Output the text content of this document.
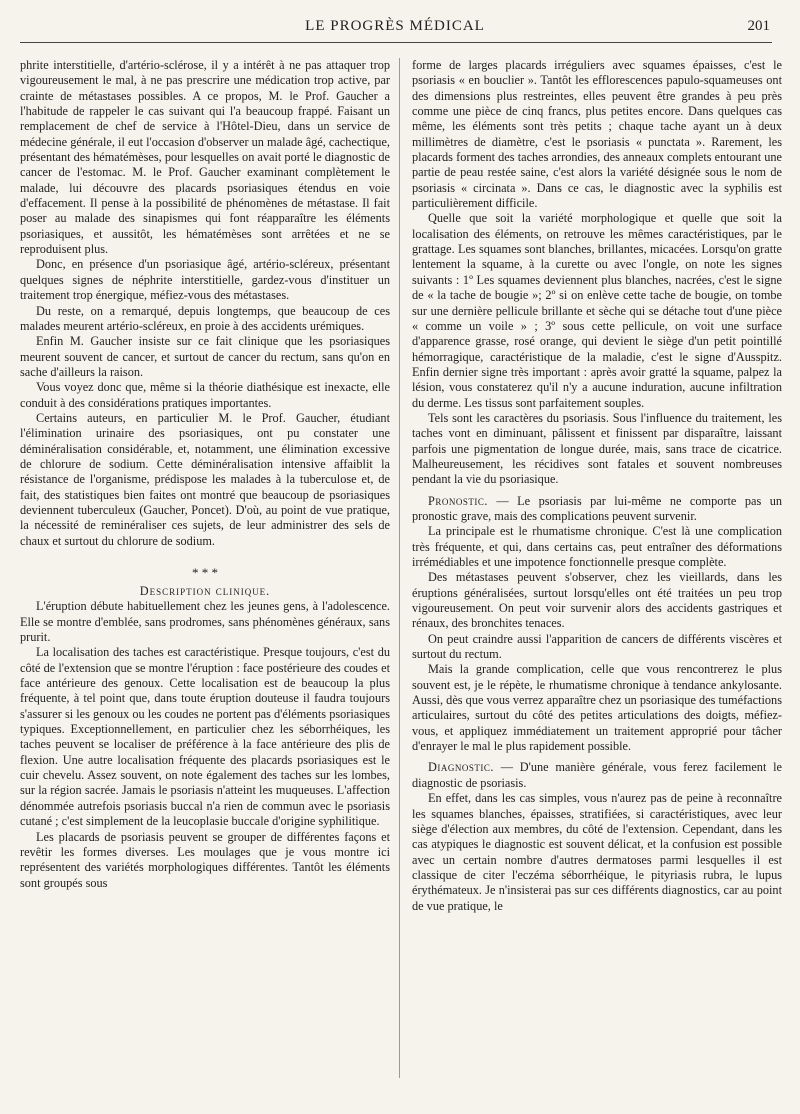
LE PROGRÈS MÉDICAL	201

phrite interstitielle, d'artério-sclérose, il y a intérêt à ne pas attaquer trop vigoureusement le mal, à ne pas prescrire une médication trop active, par crainte de métastases possibles. A ce propos, M. le Prof. Gaucher a l'habitude de rappeler le cas suivant qui l'a beaucoup frappé. Faisant un remplacement de chef de service à l'Hôtel-Dieu, dans un service de médecine générale, il eut l'occasion d'observer un malade âgé, cachectique, présentant des hématémèses, pour lesquelles on avait porté le diagnostic de cancer de l'estomac. M. le Prof. Gaucher examinant complètement le malade, lui découvre des placards psoriasiques étendus en voie d'effacement. Il pense à la possibilité de phénomènes de métastase. Il fait poser au malade des sinapismes qui font réapparaître les éléments psoriasiques, et aussitôt, les hématémèses sont arrêtées et ne se reproduisent plus.

Donc, en présence d'un psoriasique âgé, artério-scléreux, présentant quelques signes de néphrite interstitielle, gardez-vous d'instituer un traitement trop énergique, méfiez-vous des métastases.

Du reste, on a remarqué, depuis longtemps, que beaucoup de ces malades meurent artério-scléreux, en proie à des accidents urémiques.

Enfin M. Gaucher insiste sur ce fait clinique que les psoriasiques meurent souvent de cancer, et surtout de cancer du rectum, sans qu'on en sache d'ailleurs la raison.

Vous voyez donc que, même si la théorie diathésique est inexacte, elle conduit à des considérations pratiques importantes.

Certains auteurs, en particulier M. le Prof. Gaucher, étudiant l'élimination urinaire des psoriasiques, ont pu constater une déminéralisation considérable, et, notamment, une élimination excessive de chlorure de sodium. Cette déminéralisation intensive affaiblit la résistance de l'organisme, prédispose les malades à la tuberculose et, de fait, des statistiques bien faites ont montré que beaucoup de psoriasiques deviennent tuberculeux (Gaucher, Poncet). D'où, au point de vue pratique, la nécessité de reminéraliser ces sujets, de leur administrer des sels de chaux et surtout du chlorure de sodium.

* * *

Description clinique.

L'éruption débute habituellement chez les jeunes gens, à l'adolescence. Elle se montre d'emblée, sans prodromes, sans phénomènes généraux, sans prurit.

La localisation des taches est caractéristique. Presque toujours, c'est du côté de l'extension que se montre l'éruption : face postérieure des coudes et face antérieure des genoux. Cette localisation est de beaucoup la plus fréquente, à tel point que, dans toute éruption douteuse il faudra toujours s'assurer si les genoux ou les coudes ne portent pas d'éléments psoriasiques typiques. Exceptionnellement, en particulier chez les séborrhéiques, les taches peuvent se localiser de préférence à la face antérieure des plis de flexion. Une autre localisation fréquente des placards psoriasiques est le cuir chevelu. Assez souvent, on note également des taches sur les lombes, sur la région sacrée. Jamais le psoriasis n'atteint les muqueuses. L'affection dénommée autrefois psoriasis buccal n'a rien de commun avec le psoriasis cutané ; c'est simplement de la leucoplasie buccale d'origine syphilitique.

Les placards de psoriasis peuvent se grouper de différentes façons et revêtir les formes diverses. Les moulages que je vous montre ici représentent des variétés morphologiques différentes. Tantôt les éléments sont groupés sous

forme de larges placards irréguliers avec squames épaisses, c'est le psoriasis « en bouclier ». Tantôt les efflorescences papulo-squameuses ont des dimensions plus restreintes, elles peuvent être grandes à peu près comme une pièce de cinq francs, plus petites encore. Dans quelques cas même, les éléments sont très petits ; chaque tache ayant un à deux millimètres de diamètre, c'est le psoriasis « punctata ». Rarement, les placards forment des taches arrondies, des anneaux complets entourant une partie de peau restée saine, c'est alors la variété désignée sous le nom de psoriasis « circinata ». Dans ce cas, le diagnostic avec la syphilis est particulièrement difficile.

Quelle que soit la variété morphologique et quelle que soit la localisation des éléments, on retrouve les mêmes caractéristiques, par le grattage. Les squames sont blanches, brillantes, micacées. Lorsqu'on gratte lentement la squame, à la curette ou avec l'ongle, on note les signes suivants : 1º Les squames deviennent plus blanches, nacrées, c'est le signe de « la tache de bougie »; 2º si on enlève cette tache de bougie, on tombe sur une dernière pellicule brillante et sèche qui se détache tout d'une pièce « comme un voile » ; 3º sous cette pellicule, on voit une surface d'apparence grasse, rosé orange, qui devient le siège d'un petit pointillé hémorragique, caractéristique de la maladie, c'est le signe d'Ausspitz. Enfin dernier signe très important : après avoir gratté la squame, palpez la lésion, vous constaterez qu'il n'y a aucune induration, aucune infiltration du derme. Les tissus sont parfaitement souples.

Tels sont les caractères du psoriasis. Sous l'influence du traitement, les taches vont en diminuant, pâlissent et finissent par disparaître, laissant parfois une pigmentation de longue durée, mais, sans trace de cicatrice. Malheureusement, les récidives sont fatales et souvent nombreuses pendant la vie du psoriasique.

Pronostic. — Le psoriasis par lui-même ne comporte pas un pronostic grave, mais des complications peuvent survenir.

La principale est le rhumatisme chronique. C'est là une complication très fréquente, et qui, dans certains cas, peut entraîner des déformations irrémédiables et une impotence fonctionnelle presque complète.

Des métastases peuvent s'observer, chez les vieillards, dans les éruptions généralisées, surtout lorsqu'elles ont été traitées un peu trop vigoureusement. On peut voir survenir alors des accidents gastriques et rénaux, des bronchites tenaces.

On peut craindre aussi l'apparition de cancers de différents viscères et surtout du rectum.

Mais la grande complication, celle que vous rencontrerez le plus souvent est, je le répète, le rhumatisme chronique à tendance ankylosante. Aussi, dès que vous verrez apparaître chez un psoriasique des tuméfactions articulaires, surtout du côté des petites articulations des doigts, méfiez-vous, et appliquez immédiatement un traitement approprié pour tâcher d'enrayer le mal le plus rapidement possible.

Diagnostic. — D'une manière générale, vous ferez facilement le diagnostic de psoriasis.

En effet, dans les cas simples, vous n'aurez pas de peine à reconnaître les squames blanches, épaisses, stratifiées, si caractéristiques, avec leur siège d'élection aux membres, du côté de l'extension. Cependant, dans les cas atypiques le diagnostic est souvent délicat, et la confusion est possible avec un certain nombre d'autres dermatoses parmi lesquelles il est classique de citer l'eczéma séborrhéique, le pityriasis rubra, le lupus érythémateux. Je n'insisterai pas sur ces différents diagnostics, car au point de vue pratique, le
